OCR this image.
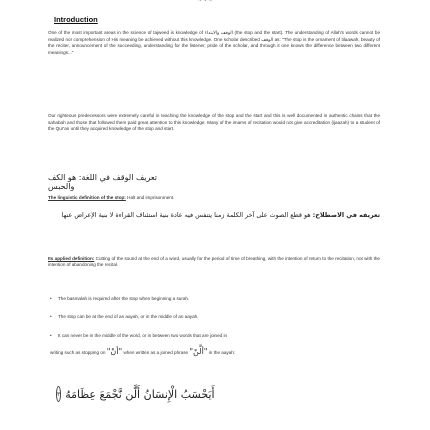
~ ~ ~
Introduction
One of the most important areas in the science of tajweed is knowledge of الوقف والابتداء (the stop and the start). The understanding of Allah's words cannot be realized nor comprehension of His meaning be achieved without this knowledge. One scholar described الوقف as: "The stop is the ornament of tilaawah, beauty of the reciter, announcement of the succeeding, understanding for the listener, pride of the scholar, and through it one knows the difference between two different meanings..."
Our righteous predecessors were extremely careful in teaching the knowledge of the stop and the start and this is well documented in authentic chains that the sahabah and those that followed them paid great attention to this knowledge. Many of the imams of recitation would not give accreditation (ijaazah) to a student of the Qur'an until they acquired knowledge of the stop and start.
تعريف الوقف في اللغة: هو الكف والحبس
The linguistic definition of the stop: Halt and imprisonment.
تعريفه في الاصطلاح: هو قطع الصوت على آخر الكلمة زمنا يتنفس فيه عادة بنية استئناف القراءة لا بنية الإعراض عنها
Its applied definition: Cutting of the sound at the end of a word, usually for the period of time of breathing, with the intention of return to the recitation, not with the intention of abandoning the recital.
• The basmalah is required after the stop when beginning a surah.
• The stop can be at the end of an aayah, or in the middle of an aayah.
• It can never be in the middle of the word, or in between two words that are joined in
writing such as stopping on "أنْ" when written as a joined phrase "ألَّنْ" in the aayah:
٣ أَيَحْسَبُ الْإِنسَانُ أَلَّن نَّجْمَعَ عِظَامَهُ
